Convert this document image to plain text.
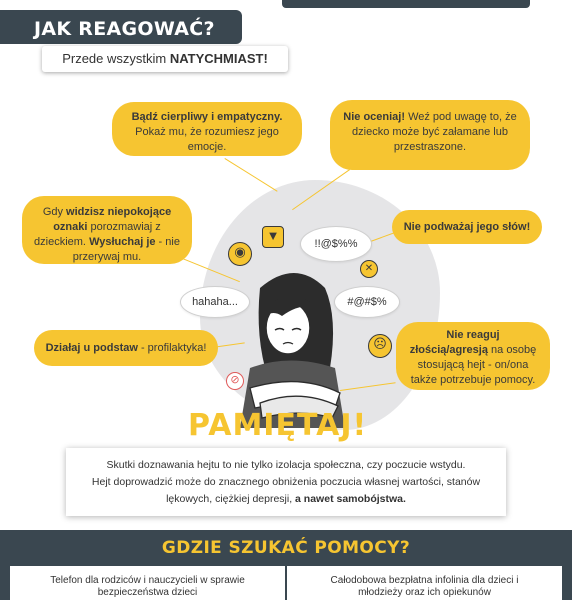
JAK REAGOWAĆ?
Przede wszystkim NATYCHMIAST!
Bądź cierpliwy i empatyczny. Pokaż mu, że rozumiesz jego emocje.
Nie oceniaj! Weź pod uwagę to, że dziecko może być załamane lub przestraszone.
Gdy widzisz niepokojące oznaki porozmawiaj z dzieckiem. Wysłuchaj je - nie przerywaj mu.
Nie podważaj jego słów!
Działaj u podstaw - profilaktyka!
Nie reaguj złością/agresją na osobę stosującą hejt - on/ona także potrzebuje pomocy.
!!@$%%
hahaha...	#@#$%
▼
◉
✕
☹
⊘
PAMIĘTAJ!
Skutki doznawania hejtu to nie tylko izolacja społeczna, czy poczucie wstydu.
Hejt doprowadzić może do znacznego obniżenia poczucia własnej wartości, stanów
lękowych, ciężkiej depresji, a nawet samobójstwa.
GDZIE SZUKAĆ POMOCY?
Telefon dla rodziców i nauczycieli w sprawie bezpieczeństwa dzieci
Całodobowa bezpłatna infolinia dla dzieci i młodzieży oraz ich opiekunów
